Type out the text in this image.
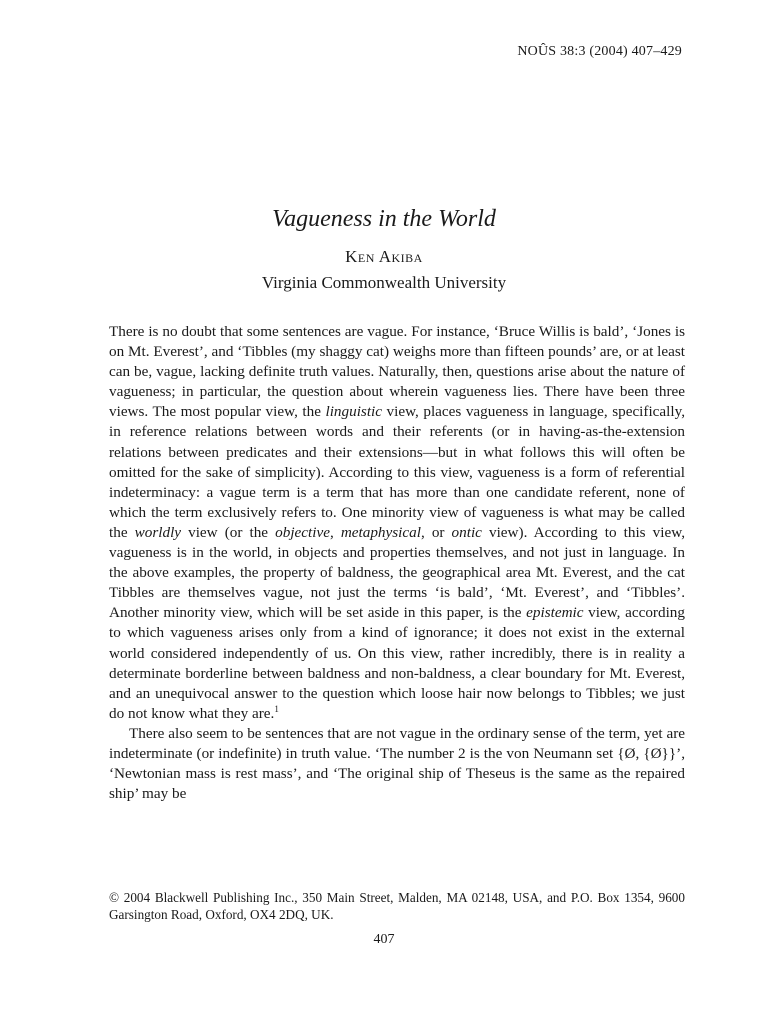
NOÛS 38:3 (2004) 407–429
Vagueness in the World
Ken Akiba
Virginia Commonwealth University

There is no doubt that some sentences are vague. For instance, ‘Bruce Willis is bald’, ‘Jones is on Mt. Everest’, and ‘Tibbles (my shaggy cat) weighs more than fifteen pounds’ are, or at least can be, vague, lacking definite truth values. Naturally, then, questions arise about the nature of vagueness; in particular, the question about wherein vagueness lies. There have been three views. The most popular view, the linguistic view, places vagueness in language, specifically, in reference relations between words and their referents (or in having-as-the-extension relations between predicates and their extensions—but in what follows this will often be omitted for the sake of simplicity). According to this view, vagueness is a form of referential indeterminacy: a vague term is a term that has more than one candidate referent, none of which the term exclusively refers to. One minority view of vagueness is what may be called the worldly view (or the objective, metaphysical, or ontic view). According to this view, vagueness is in the world, in objects and properties themselves, and not just in language. In the above examples, the property of baldness, the geographical area Mt. Everest, and the cat Tibbles are themselves vague, not just the terms ‘is bald’, ‘Mt. Everest’, and ‘Tibbles’. Another minority view, which will be set aside in this paper, is the epistemic view, according to which vagueness arises only from a kind of ignorance; it does not exist in the external world considered independently of us. On this view, rather incredibly, there is in reality a determinate borderline between baldness and non-baldness, a clear boundary for Mt. Everest, and an unequivocal answer to the question which loose hair now belongs to Tibbles; we just do not know what they are.$^1$

There also seem to be sentences that are not vague in the ordinary sense of the term, yet are indeterminate (or indefinite) in truth value. ‘The number 2 is the von Neumann set {Ø, {Ø}}’, ‘Newtonian mass is rest mass’, and ‘The original ship of Theseus is the same as the repaired ship’ may be

© 2004 Blackwell Publishing Inc., 350 Main Street, Malden, MA 02148, USA, and P.O. Box 1354, 9600 Garsington Road, Oxford, OX4 2DQ, UK.
407
